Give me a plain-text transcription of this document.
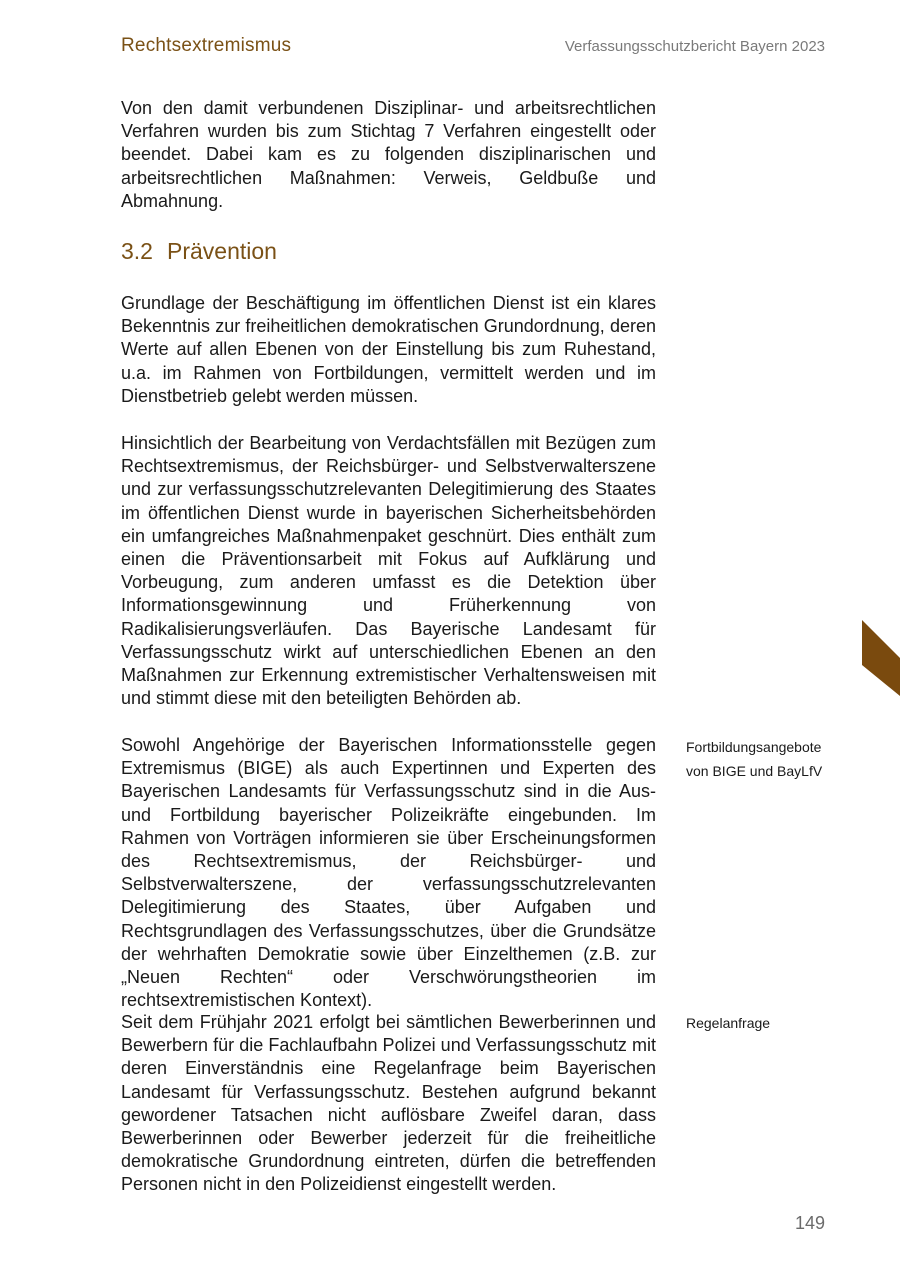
Rechtsextremismus	Verfassungsschutzbericht Bayern 2023

Von den damit verbundenen Disziplinar- und arbeitsrechtlichen Verfahren wurden bis zum Stichtag 7 Verfahren eingestellt oder beendet. Dabei kam es zu folgenden disziplinarischen und arbeitsrechtlichen Maßnahmen: Verweis, Geldbuße und Abmahnung.

3.2 Prävention

Grundlage der Beschäftigung im öffentlichen Dienst ist ein klares Bekenntnis zur freiheitlichen demokratischen Grundordnung, deren Werte auf allen Ebenen von der Einstellung bis zum Ruhestand, u.a. im Rahmen von Fortbildungen, vermittelt werden und im Dienstbetrieb gelebt werden müssen.

Hinsichtlich der Bearbeitung von Verdachtsfällen mit Bezügen zum Rechtsextremismus, der Reichsbürger- und Selbstverwalterszene und zur verfassungsschutzrelevanten Delegitimierung des Staates im öffentlichen Dienst wurde in bayerischen Sicherheitsbehörden ein umfangreiches Maßnahmenpaket geschnürt. Dies enthält zum einen die Präventionsarbeit mit Fokus auf Aufklärung und Vorbeugung, zum anderen umfasst es die Detektion über Informationsgewinnung und Früherkennung von Radikalisierungsverläufen. Das Bayerische Landesamt für Verfassungsschutz wirkt auf unterschiedlichen Ebenen an den Maßnahmen zur Erkennung extremistischer Verhaltensweisen mit und stimmt diese mit den beteiligten Behörden ab.

Sowohl Angehörige der Bayerischen Informationsstelle gegen Extremismus (BIGE) als auch Expertinnen und Experten des Bayerischen Landesamts für Verfassungsschutz sind in die Aus- und Fortbildung bayerischer Polizeikräfte eingebunden. Im Rahmen von Vorträgen informieren sie über Erscheinungsformen des Rechtsextremismus, der Reichsbürger- und Selbstverwalterszene, der verfassungsschutzrelevanten Delegitimierung des Staates, über Aufgaben und Rechtsgrundlagen des Verfassungsschutzes, über die Grundsätze der wehrhaften Demokratie sowie über Einzelthemen (z.B. zur „Neuen Rechten“ oder Verschwörungstheorien im rechtsextremistischen Kontext).

Seit dem Frühjahr 2021 erfolgt bei sämtlichen Bewerberinnen und Bewerbern für die Fachlaufbahn Polizei und Verfassungsschutz mit deren Einverständnis eine Regelanfrage beim Bayerischen Landesamt für Verfassungsschutz. Bestehen aufgrund bekannt gewordener Tatsachen nicht auflösbare Zweifel daran, dass Bewerberinnen oder Bewerber jederzeit für die freiheitliche demokratische Grundordnung eintreten, dürfen die betreffenden Personen nicht in den Polizeidienst eingestellt werden.

Fortbildungsangebote von BIGE und BayLfV
Regelanfrage
149
